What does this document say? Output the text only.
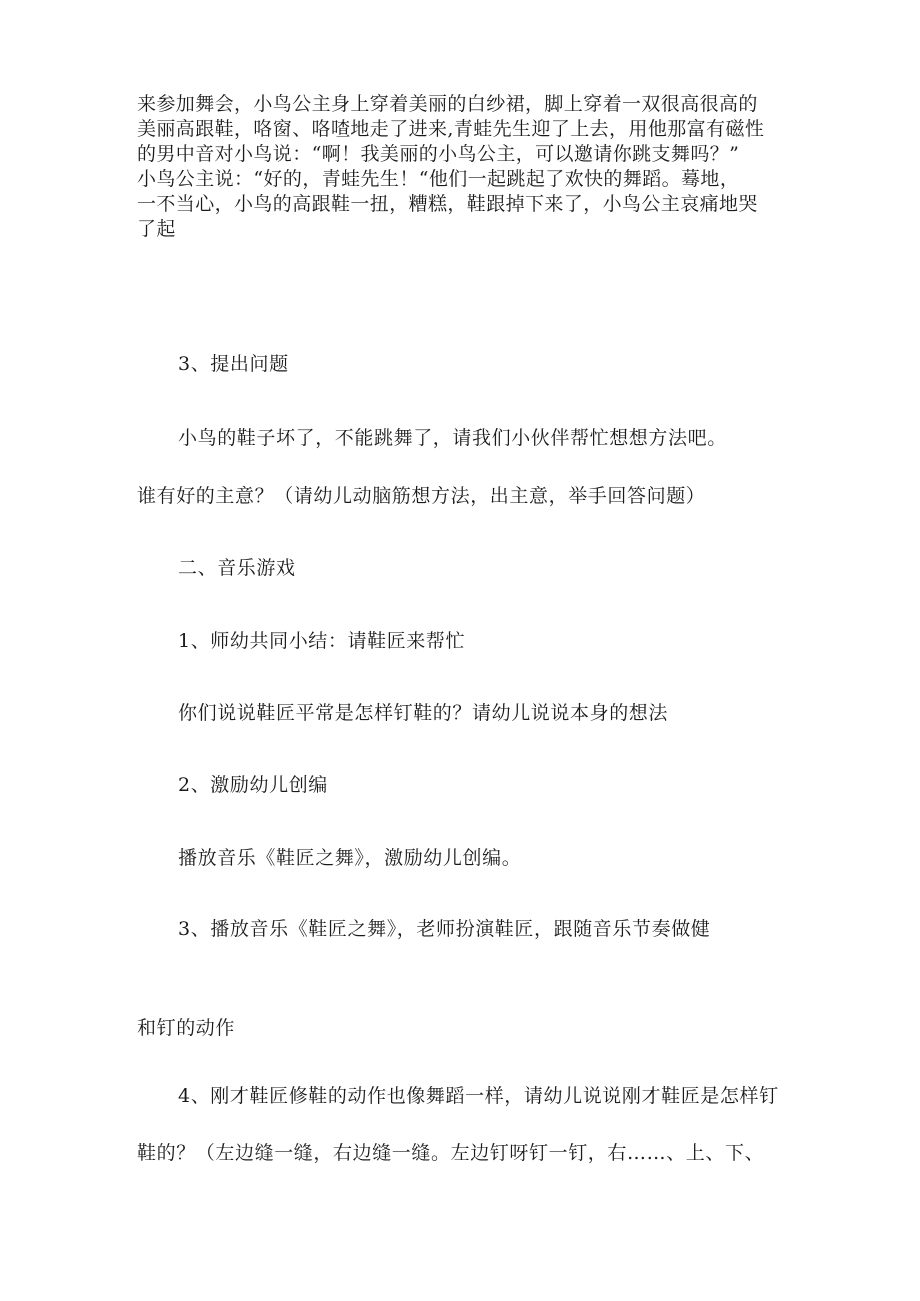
来参加舞会，小鸟公主身上穿着美丽的白纱裙，脚上穿着一双很高很高的
美丽高跟鞋，咯窗、咯喳地走了进来,青蛙先生迎了上去，用他那富有磁性
的男中音对小鸟说：“啊！我美丽的小鸟公主，可以邀请你跳支舞吗？”
小鸟公主说：“好的，青蛙先生！“他们一起跳起了欢快的舞蹈。蓦地，
一不当心，小鸟的高跟鞋一扭，糟糕，鞋跟掉下来了，小鸟公主哀痛地哭
了起
3、提出问题
小鸟的鞋子坏了，不能跳舞了，请我们小伙伴帮忙想想方法吧。
谁有好的主意？（请幼儿动脑筋想方法，出主意，举手回答问题）
二、音乐游戏
1、师幼共同小结：请鞋匠来帮忙
你们说说鞋匠平常是怎样钉鞋的？请幼儿说说本身的想法
2、激励幼儿创编
播放音乐《鞋匠之舞》，激励幼儿创编。
3、播放音乐《鞋匠之舞》，老师扮演鞋匠，跟随音乐节奏做健
和钉的动作
4、刚才鞋匠修鞋的动作也像舞蹈一样，请幼儿说说刚才鞋匠是怎样钉
鞋的？（左边缝一缝，右边缝一缝。左边钉呀钉一钉，右……、上、下、
